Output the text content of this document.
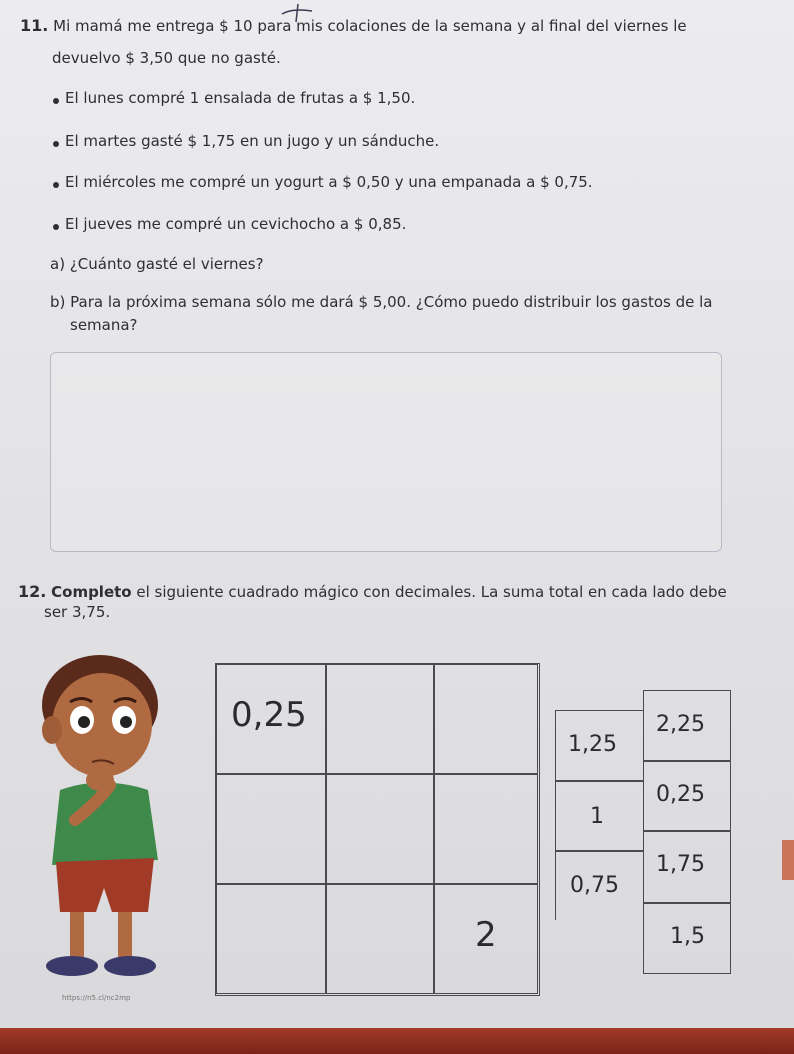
11. Mi mamá me entrega $ 10 para mis colaciones de la semana y al final del viernes le
devuelvo $ 3,50 que no gasté.
El lunes compré 1 ensalada de frutas a $ 1,50.
El martes gasté $ 1,75 en un jugo y un sánduche.
El miércoles me compré un yogurt a $ 0,50 y una empanada a $ 0,75.
El jueves me compré un cevichocho a $ 0,85.
a) ¿Cuánto gasté el viernes?
b) Para la próxima semana sólo me dará $ 5,00. ¿Cómo puedo distribuir los gastos de la
semana?
12. Completo el siguiente cuadrado mágico con decimales. La suma total en cada lado debe
ser 3,75.
https://n5.cl/nc2mp
0,25
2
1,25
1
0,75
2,25
0,25
1,75
1,5
